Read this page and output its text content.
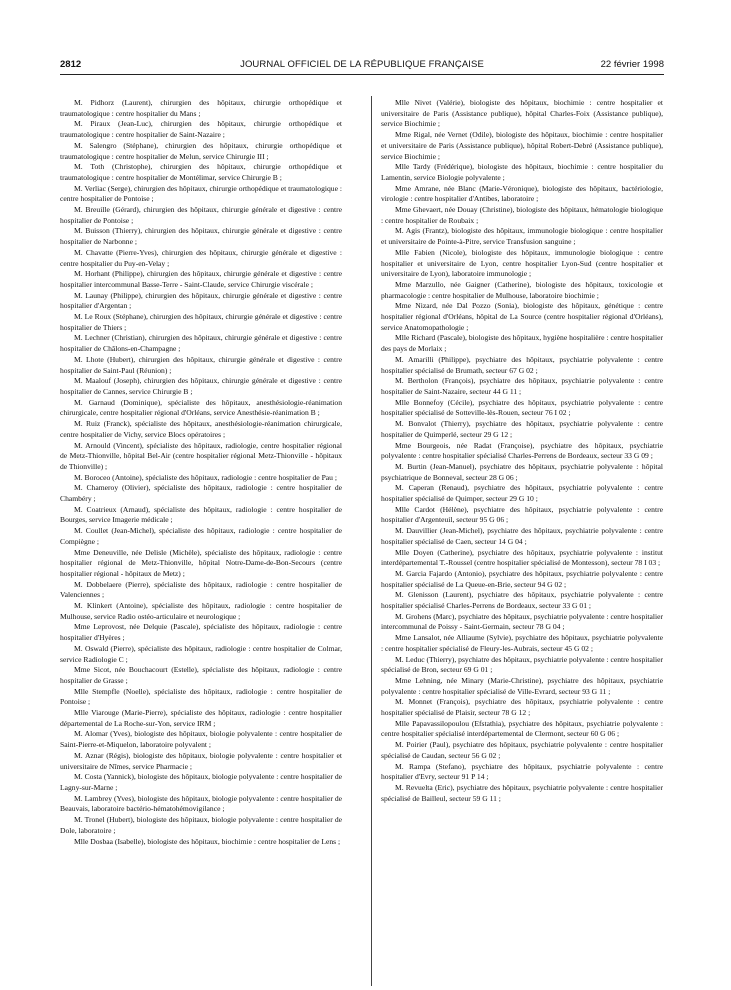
2812	JOURNAL OFFICIEL DE LA RÉPUBLIQUE FRANÇAISE	22 février 1998

M. Pidhorz (Laurent), chirurgien des hôpitaux, chirurgie orthopédique et traumatologique : centre hospitalier du Mans ;

M. Piraux (Jean-Luc), chirurgien des hôpitaux, chirurgie orthopédique et traumatologique : centre hospitalier de Saint-Nazaire ;

M. Salengro (Stéphane), chirurgien des hôpitaux, chirurgie orthopédique et traumatologique : centre hospitalier de Melun, service Chirurgie III ;

M. Toth (Christophe), chirurgien des hôpitaux, chirurgie orthopédique et traumatologique : centre hospitalier de Montélimar, service Chirurgie B ;

M. Verliac (Serge), chirurgien des hôpitaux, chirurgie orthopédique et traumatologique : centre hospitalier de Pontoise ;

M. Breuille (Gérard), chirurgien des hôpitaux, chirurgie générale et digestive : centre hospitalier de Pontoise ;

M. Buisson (Thierry), chirurgien des hôpitaux, chirurgie générale et digestive : centre hospitalier de Narbonne ;

M. Chavatte (Pierre-Yves), chirurgien des hôpitaux, chirurgie générale et digestive : centre hospitalier du Puy-en-Velay ;

M. Horhant (Philippe), chirurgien des hôpitaux, chirurgie générale et digestive : centre hospitalier intercommunal Basse-Terre - Saint-Claude, service Chirurgie viscérale ;

M. Launay (Philippe), chirurgien des hôpitaux, chirurgie générale et digestive : centre hospitalier d'Argentan ;

M. Le Roux (Stéphane), chirurgien des hôpitaux, chirurgie générale et digestive : centre hospitalier de Thiers ;

M. Lechner (Christian), chirurgien des hôpitaux, chirurgie générale et digestive : centre hospitalier de Châlons-en-Champagne ;

M. Lhote (Hubert), chirurgien des hôpitaux, chirurgie générale et digestive : centre hospitalier de Saint-Paul (Réunion) ;

M. Maalouf (Joseph), chirurgien des hôpitaux, chirurgie générale et digestive : centre hospitalier de Cannes, service Chirurgie B ;

M. Garnaud (Dominique), spécialiste des hôpitaux, anesthésiologie-réanimation chirurgicale, centre hospitalier régional d'Orléans, service Anesthésie-réanimation B ;

M. Ruiz (Franck), spécialiste des hôpitaux, anesthésiologie-réanimation chirurgicale, centre hospitalier de Vichy, service Blocs opératoires ;

M. Arnould (Vincent), spécialiste des hôpitaux, radiologie, centre hospitalier régional de Metz-Thionville, hôpital Bel-Air (centre hospitalier régional Metz-Thionville - hôpitaux de Thionville) ;

M. Boroceo (Antoine), spécialiste des hôpitaux, radiologie : centre hospitalier de Pau ;

M. Chameroy (Olivier), spécialiste des hôpitaux, radiologie : centre hospitalier de Chambéry ;

M. Coatrieux (Arnaud), spécialiste des hôpitaux, radiologie : centre hospitalier de Bourges, service Imagerie médicale ;

M. Coullet (Jean-Michel), spécialiste des hôpitaux, radiologie : centre hospitalier de Compiègne ;

Mme Deneuville, née Delisle (Michèle), spécialiste des hôpitaux, radiologie : centre hospitalier régional de Metz-Thionville, hôpital Notre-Dame-de-Bon-Secours (centre hospitalier régional - hôpitaux de Metz) ;

M. Dobbelaere (Pierre), spécialiste des hôpitaux, radiologie : centre hospitalier de Valenciennes ;

M. Klinkert (Antoine), spécialiste des hôpitaux, radiologie : centre hospitalier de Mulhouse, service Radio ostéo-articulaire et neurologique ;

Mme Leprovost, née Delquie (Pascale), spécialiste des hôpitaux, radiologie : centre hospitalier d'Hyères ;

M. Oswald (Pierre), spécialiste des hôpitaux, radiologie : centre hospitalier de Colmar, service Radiologie C ;

Mme Sicot, née Bouchacourt (Estelle), spécialiste des hôpitaux, radiologie : centre hospitalier de Grasse ;

Mlle Stempfle (Noelle), spécialiste des hôpitaux, radiologie : centre hospitalier de Pontoise ;

Mlle Viarouge (Marie-Pierre), spécialiste des hôpitaux, radiologie : centre hospitalier départemental de La Roche-sur-Yon, service IRM ;

M. Alomar (Yves), biologiste des hôpitaux, biologie polyvalente : centre hospitalier de Saint-Pierre-et-Miquelon, laboratoire polyvalent ;

M. Aznar (Régis), biologiste des hôpitaux, biologie polyvalente : centre hospitalier et universitaire de Nîmes, service Pharmacie ;

M. Costa (Yannick), biologiste des hôpitaux, biologie polyvalente : centre hospitalier de Lagny-sur-Marne ;

M. Lambrey (Yves), biologiste des hôpitaux, biologie polyvalente : centre hospitalier de Beauvais, laboratoire bactério-hématohémovigilance ;

M. Tronel (Hubert), biologiste des hôpitaux, biologie polyvalente : centre hospitalier de Dole, laboratoire ;

Mlle Dosbaa (Isabelle), biologiste des hôpitaux, biochimie : centre hospitalier de Lens ;

Mlle Nivet (Valérie), biologiste des hôpitaux, biochimie : centre hospitalier et universitaire de Paris (Assistance publique), hôpital Charles-Foix (Assistance publique), service Biochimie ;

Mme Rigal, née Vernet (Odile), biologiste des hôpitaux, biochimie : centre hospitalier et universitaire de Paris (Assistance publique), hôpital Robert-Debré (Assistance publique), service Biochimie ;

Mlle Tardy (Frédérique), biologiste des hôpitaux, biochimie : centre hospitalier du Lamentin, service Biologie polyvalente ;

Mme Amrane, née Blanc (Marie-Véronique), biologiste des hôpitaux, bactériologie, virologie : centre hospitalier d'Antibes, laboratoire ;

Mme Ghevaert, née Douay (Christine), biologiste des hôpitaux, hématologie biologique : centre hospitalier de Roubaix ;

M. Agis (Frantz), biologiste des hôpitaux, immunologie biologique : centre hospitalier et universitaire de Pointe-à-Pitre, service Transfusion sanguine ;

Mlle Fabien (Nicole), biologiste des hôpitaux, immunologie biologique : centre hospitalier et universitaire de Lyon, centre hospitalier Lyon-Sud (centre hospitalier et universitaire de Lyon), laboratoire immunologie ;

Mme Marzullo, née Gaigner (Catherine), biologiste des hôpitaux, toxicologie et pharmacologie : centre hospitalier de Mulhouse, laboratoire biochimie ;

Mme Nizard, née Dal Pozzo (Sonia), biologiste des hôpitaux, génétique : centre hospitalier régional d'Orléans, hôpital de La Source (centre hospitalier régional d'Orléans), service Anatomopathologie ;

Mlle Richard (Pascale), biologiste des hôpitaux, hygiène hospitalière : centre hospitalier des pays de Morlaix ;

M. Amarilli (Philippe), psychiatre des hôpitaux, psychiatrie polyvalente : centre hospitalier spécialisé de Brumath, secteur 67 G 02 ;

M. Bertholon (François), psychiatre des hôpitaux, psychiatrie polyvalente : centre hospitalier de Saint-Nazaire, secteur 44 G 11 ;

Mlle Bonnefoy (Cécile), psychiatre des hôpitaux, psychiatrie polyvalente : centre hospitalier spécialisé de Sotteville-lès-Rouen, secteur 76 I 02 ;

M. Bonvalot (Thierry), psychiatre des hôpitaux, psychiatrie polyvalente : centre hospitalier de Quimperlé, secteur 29 G 12 ;

Mme Bourgeois, née Radat (Françoise), psychiatre des hôpitaux, psychiatrie polyvalente : centre hospitalier spécialisé Charles-Perrens de Bordeaux, secteur 33 G 09 ;

M. Burtin (Jean-Manuel), psychiatre des hôpitaux, psychiatrie polyvalente : hôpital psychiatrique de Bonneval, secteur 28 G 06 ;

M. Caperan (Renaud), psychiatre des hôpitaux, psychiatrie polyvalente : centre hospitalier spécialisé de Quimper, secteur 29 G 10 ;

Mlle Cardot (Hélène), psychiatre des hôpitaux, psychiatrie polyvalente : centre hospitalier d'Argenteuil, secteur 95 G 06 ;

M. Dauvillier (Jean-Michel), psychiatre des hôpitaux, psychiatrie polyvalente : centre hospitalier spécialisé de Caen, secteur 14 G 04 ;

Mlle Doyen (Catherine), psychiatre des hôpitaux, psychiatrie polyvalente : institut interdépartemental T.-Roussel (centre hospitalier spécialisé de Montesson), secteur 78 I 03 ;

M. Garcia Fajardo (Antonio), psychiatre des hôpitaux, psychiatrie polyvalente : centre hospitalier spécialisé de La Queue-en-Brie, secteur 94 G 02 ;

M. Glenisson (Laurent), psychiatre des hôpitaux, psychiatrie polyvalente : centre hospitalier spécialisé Charles-Perrens de Bordeaux, secteur 33 G 01 ;

M. Grohens (Marc), psychiatre des hôpitaux, psychiatrie polyvalente : centre hospitalier intercommunal de Poissy - Saint-Germain, secteur 78 G 04 ;

Mme Lansalot, née Alliaume (Sylvie), psychiatre des hôpitaux, psychiatrie polyvalente : centre hospitalier spécialisé de Fleury-les-Aubrais, secteur 45 G 02 ;

M. Leduc (Thierry), psychiatre des hôpitaux, psychiatrie polyvalente : centre hospitalier spécialisé de Bron, secteur 69 G 01 ;

Mme Lehning, née Minary (Marie-Christine), psychiatre des hôpitaux, psychiatrie polyvalente : centre hospitalier spécialisé de Ville-Evrard, secteur 93 G 11 ;

M. Monnet (François), psychiatre des hôpitaux, psychiatrie polyvalente : centre hospitalier spécialisé de Plaisir, secteur 78 G 12 ;

Mlle Papavassilopoulou (Efstathia), psychiatre des hôpitaux, psychiatrie polyvalente : centre hospitalier spécialisé interdépartemental de Clermont, secteur 60 G 06 ;

M. Poirier (Paul), psychiatre des hôpitaux, psychiatrie polyvalente : centre hospitalier spécialisé de Caudan, secteur 56 G 02 ;

M. Rampa (Stefano), psychiatre des hôpitaux, psychiatrie polyvalente : centre hospitalier d'Evry, secteur 91 P 14 ;

M. Revuelta (Eric), psychiatre des hôpitaux, psychiatrie polyvalente : centre hospitalier spécialisé de Bailleul, secteur 59 G 11 ;
